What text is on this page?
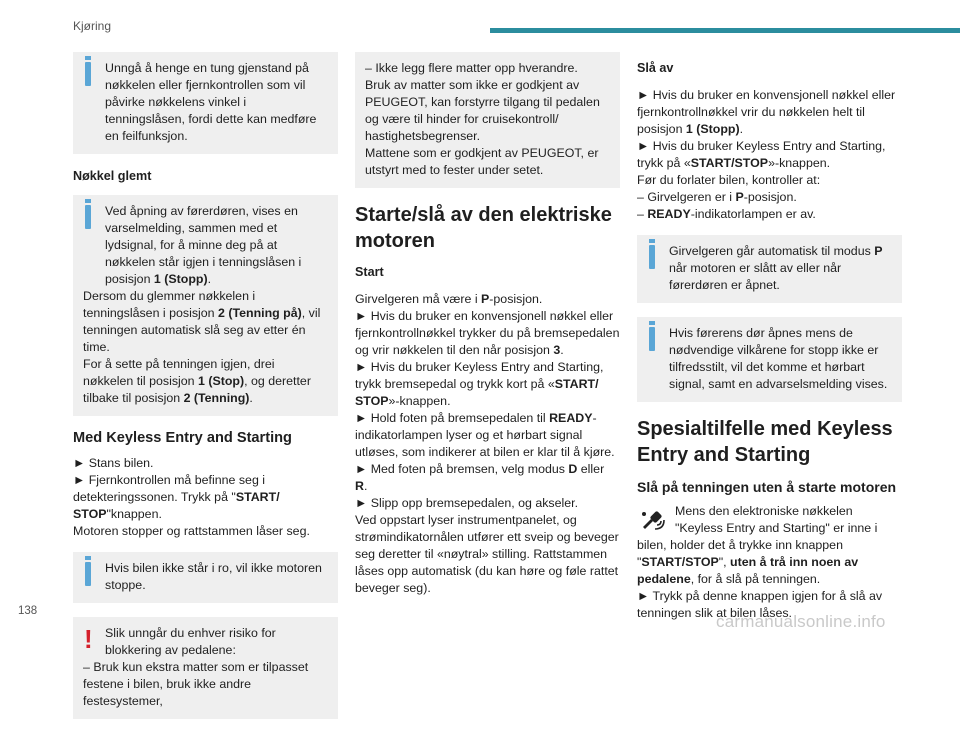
Kjøring
Unngå å henge en tung gjenstand på nøkkelen eller fjernkontrollen som vil påvirke nøkkelens vinkel i tenningslåsen, fordi dette kan medføre en feilfunksjon.
Nøkkel glemt
Ved åpning av førerdøren, vises en varselmelding, sammen med et lydsignal, for å minne deg på at nøkkelen står igjen i tenningslåsen i posisjon 1 (Stopp).
Dersom du glemmer nøkkelen i tenningslåsen i posisjon 2 (Tenning på), vil tenningen automatisk slå seg av etter én time.
For å sette på tenningen igjen, drei nøkkelen til posisjon 1 (Stop), og deretter tilbake til posisjon 2 (Tenning).
Med Keyless Entry and Starting
► Stans bilen.
► Fjernkontrollen må befinne seg i detekteringssonen. Trykk på "START/ STOP"knappen.
Motoren stopper og rattstammen låser seg.
Hvis bilen ikke står i ro, vil ikke motoren stoppe.
! Slik unngår du enhver risiko for blokkering av pedalene:
– Bruk kun ekstra matter som er tilpasset festene i bilen, bruk ikke andre festesystemer,
– Ikke legg flere matter opp hverandre.
Bruk av matter som ikke er godkjent av PEUGEOT, kan forstyrre tilgang til pedalen og være til hinder for cruisekontroll/ hastighetsbegrenser.
Mattene som er godkjent av PEUGEOT, er utstyrt med to fester under setet.
Starte/slå av den elektriske motoren
Start
Girvelgeren må være i P-posisjon.
► Hvis du bruker en konvensjonell nøkkel eller fjernkontrollnøkkel trykker du på bremsepedalen og vrir nøkkelen til den når posisjon 3.
► Hvis du bruker Keyless Entry and Starting, trykk bremsepedal og trykk kort på «START/ STOP»-knappen.
► Hold foten på bremsepedalen til READY-indikatorlampen lyser og et hørbart signal utløses, som indikerer at bilen er klar til å kjøre.
► Med foten på bremsen, velg modus D eller R.
► Slipp opp bremsepedalen, og akseler.
Ved oppstart lyser instrumentpanelet, og strømindikatornålen utfører ett sveip og beveger seg deretter til «nøytral» stilling. Rattstammen låses opp automatisk (du kan høre og føle rattet beveger seg).
Slå av
► Hvis du bruker en konvensjonell nøkkel eller fjernkontrollnøkkel vrir du nøkkelen helt til posisjon 1 (Stopp).
► Hvis du bruker Keyless Entry and Starting, trykk på «START/STOP»-knappen.
Før du forlater bilen, kontroller at:
– Girvelgeren er i P-posisjon.
– READY-indikatorlampen er av.
Girvelgeren går automatisk til modus P når motoren er slått av eller når førerdøren er åpnet.
Hvis førerens dør åpnes mens de nødvendige vilkårene for stopp ikke er tilfredsstilt, vil det komme et hørbart signal, samt en advarselsmelding vises.
Spesialtilfelle med Keyless Entry and Starting
Slå på tenningen uten å starte motoren
Mens den elektroniske nøkkelen "Keyless Entry and Starting" er inne i bilen, holder det å trykke inn knappen "START/STOP", uten å trå inn noen av pedalene, for å slå på tenningen.
► Trykk på denne knappen igjen for å slå av tenningen slik at bilen låses.
138
carmanualsonline.info
